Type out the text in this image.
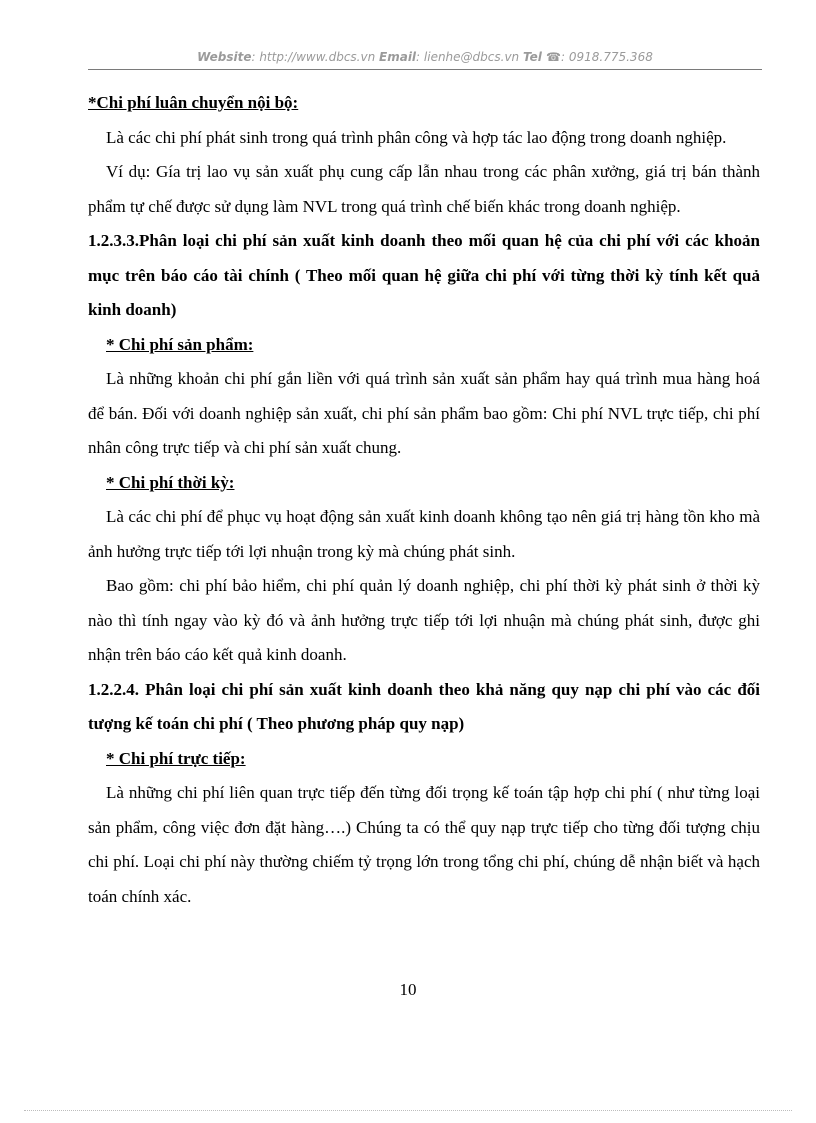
Website: http://www.dbcs.vn Email: lienhe@dbcs.vn Tel ☎: 0918.775.368

*Chi phí luân chuyển nội bộ:

Là các chi phí phát sinh trong quá trình phân công và hợp tác lao động trong doanh nghiệp.

Ví dụ: Gía trị lao vụ sản xuất phụ cung cấp lẫn nhau trong các phân xưởng, giá trị bán thành phẩm tự chế được sử dụng làm NVL trong quá trình chế biến khác trong doanh nghiệp.

1.2.3.3.Phân loại chi phí sản xuất kinh doanh theo mối quan hệ của chi phí với các khoản mục trên báo cáo tài chính ( Theo mối quan hệ giữa chi phí với từng thời kỳ tính kết quả kinh doanh)

* Chi phí sản phẩm:

Là những khoản chi phí gắn liền với quá trình sản xuất sản phẩm hay quá trình mua hàng hoá để bán. Đối với doanh nghiệp sản xuất, chi phí sản phẩm bao gồm: Chi phí NVL trực tiếp, chi phí nhân công trực tiếp và chi phí sản xuất chung.

* Chi phí thời kỳ:

Là các chi phí để phục vụ hoạt động sản xuất kinh doanh không tạo nên giá trị hàng tồn kho mà ảnh hưởng trực tiếp tới lợi nhuận trong kỳ mà chúng phát sinh.

Bao gồm: chi phí bảo hiểm, chi phí quản lý doanh nghiệp, chi phí thời kỳ phát sinh ở thời kỳ nào thì tính ngay vào kỳ đó và ảnh hưởng trực tiếp tới lợi nhuận mà chúng phát sinh, được ghi nhận trên báo cáo kết quả kinh doanh.

1.2.2.4. Phân loại chi phí sản xuất kinh doanh theo khả năng quy nạp chi phí vào các đối tượng kế toán chi phí ( Theo phương pháp quy nạp)

* Chi phí trực tiếp:

Là những chi phí liên quan trực tiếp đến từng đối trọng kế toán tập hợp chi phí ( như từng loại sản phẩm, công việc đơn đặt hàng….) Chúng ta có thể quy nạp trực tiếp cho từng đối tượng chịu chi phí. Loại chi phí này thường chiếm tỷ trọng lớn trong tổng chi phí, chúng dễ nhận biết và hạch toán chính xác.

10
